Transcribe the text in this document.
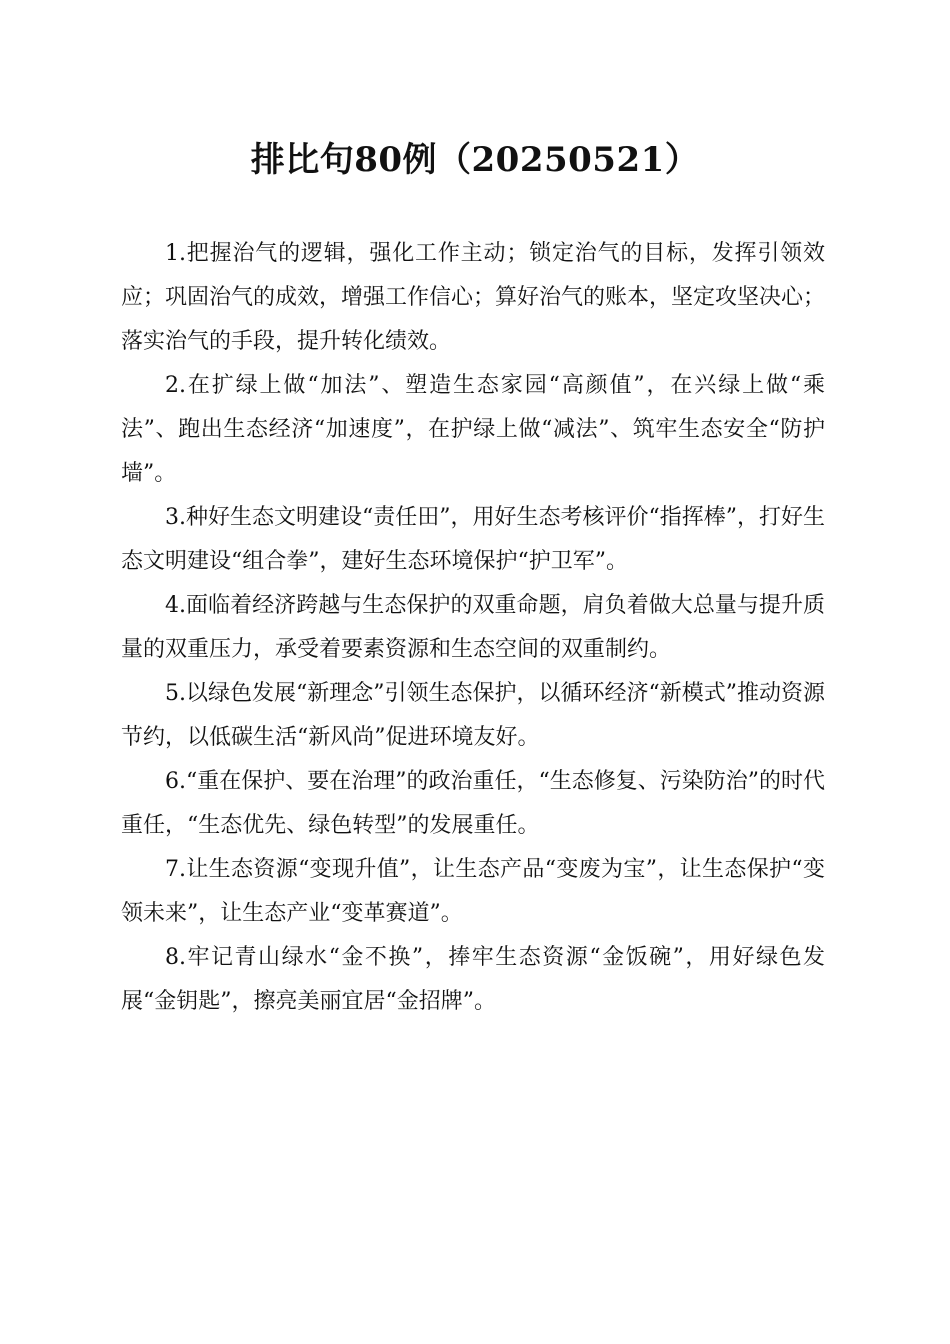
排比句80例（20250521）

1.把握治气的逻辑，强化工作主动；锁定治气的目标，发挥引领效应；巩固治气的成效，增强工作信心；算好治气的账本，坚定攻坚决心；落实治气的手段，提升转化绩效。

2.在扩绿上做“加法”、塑造生态家园“高颜值”，在兴绿上做“乘法”、跑出生态经济“加速度”，在护绿上做“减法”、筑牢生态安全“防护墙”。

3.种好生态文明建设“责任田”，用好生态考核评价“指挥棒”，打好生态文明建设“组合拳”，建好生态环境保护“护卫军”。

4.面临着经济跨越与生态保护的双重命题，肩负着做大总量与提升质量的双重压力，承受着要素资源和生态空间的双重制约。

5.以绿色发展“新理念”引领生态保护，以循环经济“新模式”推动资源节约，以低碳生活“新风尚”促进环境友好。

6.“重在保护、要在治理”的政治重任，“生态修复、污染防治”的时代重任，“生态优先、绿色转型”的发展重任。

7.让生态资源“变现升值”，让生态产品“变废为宝”，让生态保护“变领未来”，让生态产业“变革赛道”。

8.牢记青山绿水“金不换”，捧牢生态资源“金饭碗”，用好绿色发展“金钥匙”，擦亮美丽宜居“金招牌”。
